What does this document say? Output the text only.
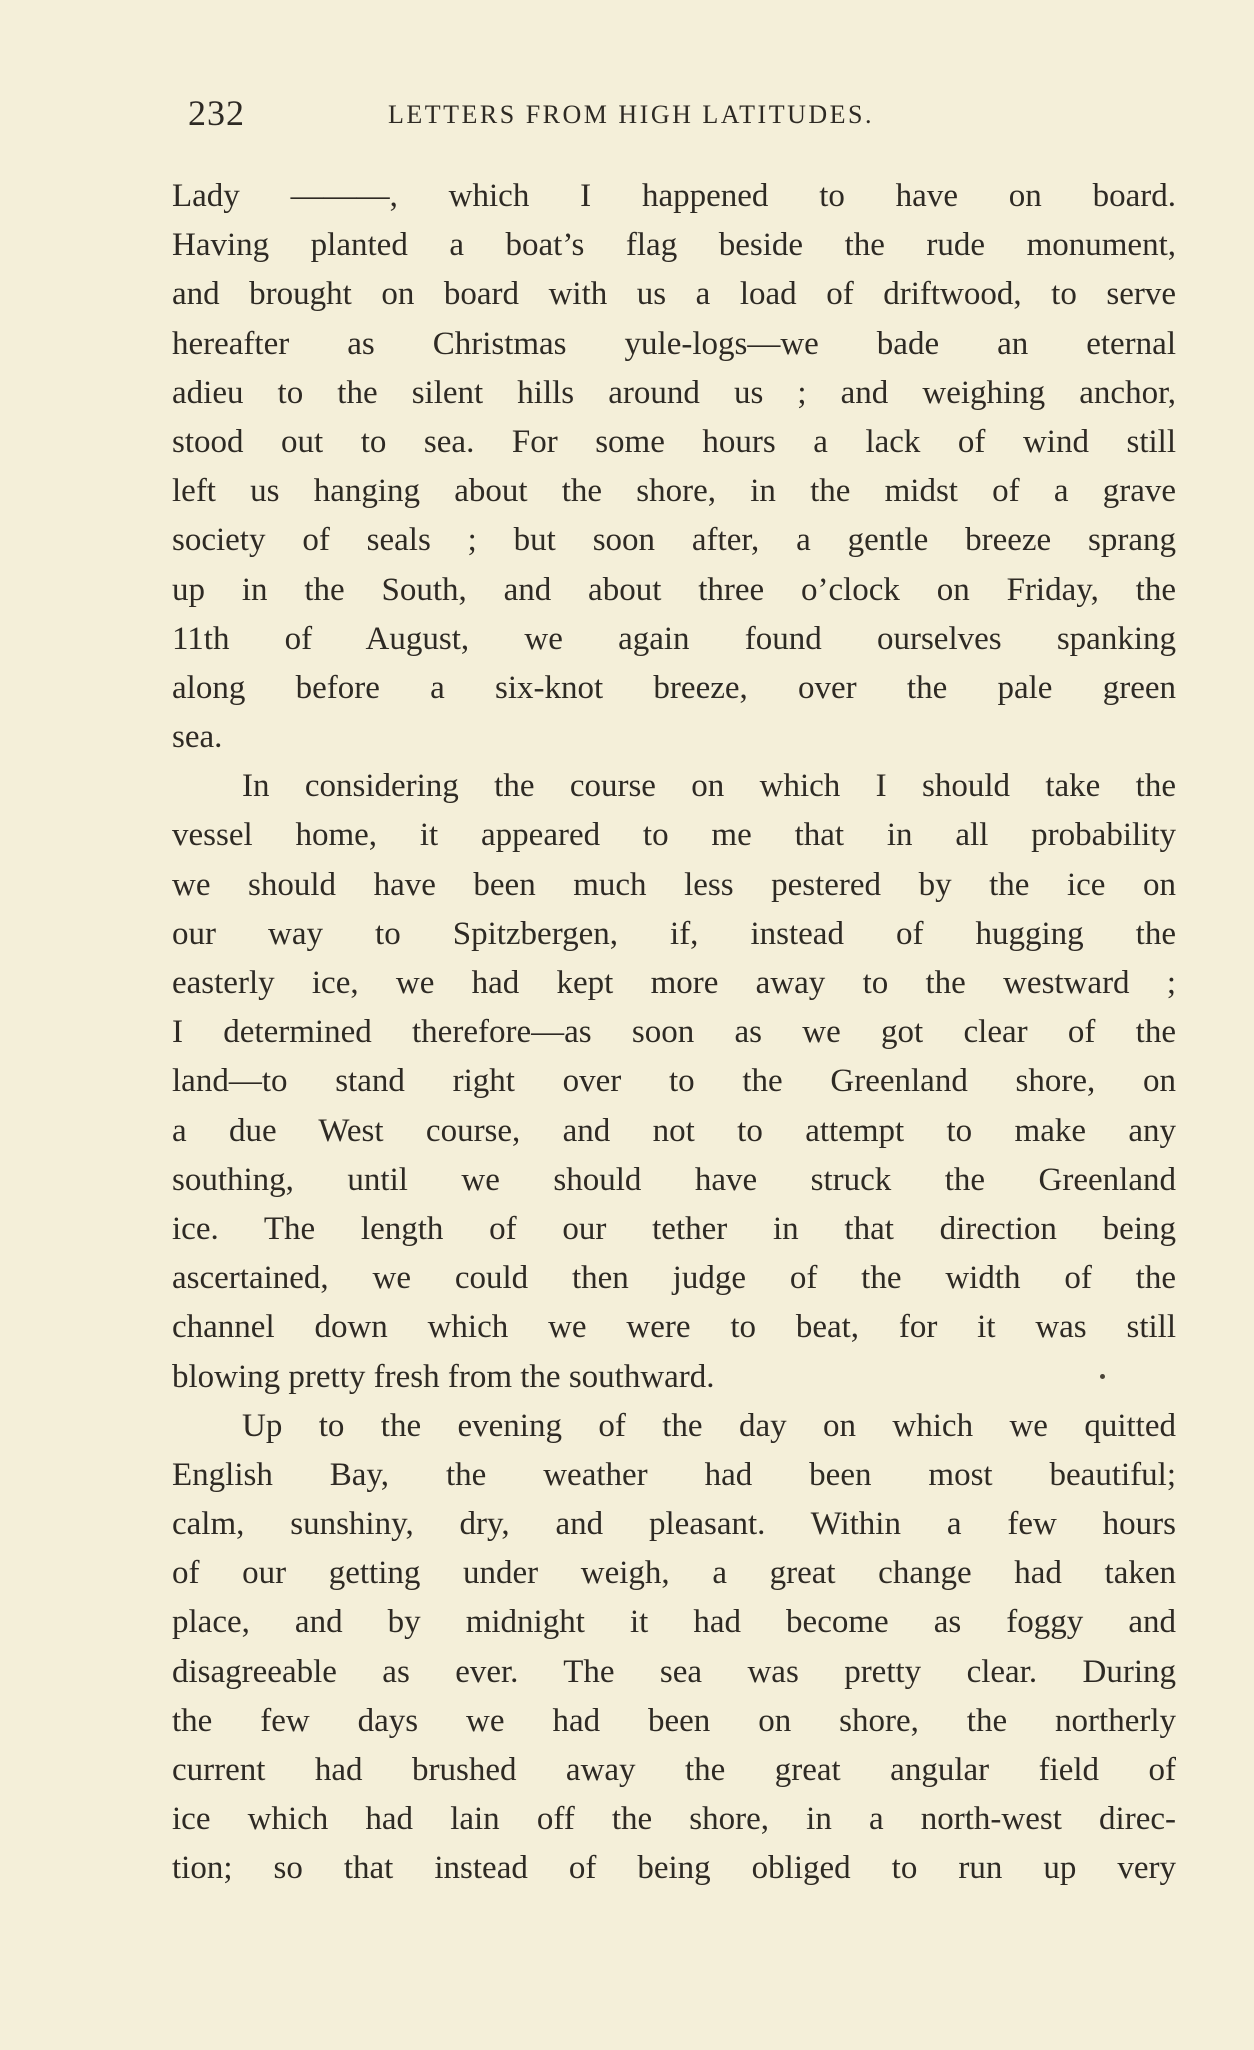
232	LETTERS FROM HIGH LATITUDES.
Lady ———, which I happened to have on board.
Having planted a boat’s flag beside the rude monument,
and brought on board with us a load of driftwood, to serve
hereafter as Christmas yule-logs—we bade an eternal
adieu to the silent hills around us ; and weighing anchor,
stood out to sea. For some hours a lack of wind still
left us hanging about the shore, in the midst of a grave
society of seals ; but soon after, a gentle breeze sprang
up in the South, and about three o’clock on Friday, the
11th of August, we again found ourselves spanking
along before a six-knot breeze, over the pale green
sea.
In considering the course on which I should take the
vessel home, it appeared to me that in all probability
we should have been much less pestered by the ice on
our way to Spitzbergen, if, instead of hugging the
easterly ice, we had kept more away to the westward ;
I determined therefore—as soon as we got clear of the
land—to stand right over to the Greenland shore, on
a due West course, and not to attempt to make any
southing, until we should have struck the Greenland
ice. The length of our tether in that direction being
ascertained, we could then judge of the width of the
channel down which we were to beat, for it was still
blowing pretty fresh from the southward.
Up to the evening of the day on which we quitted
English Bay, the weather had been most beautiful;
calm, sunshiny, dry, and pleasant. Within a few hours
of our getting under weigh, a great change had taken
place, and by midnight it had become as foggy and
disagreeable as ever. The sea was pretty clear. During
the few days we had been on shore, the northerly
current had brushed away the great angular field of
ice which had lain off the shore, in a north-west direc-
tion; so that instead of being obliged to run up very
